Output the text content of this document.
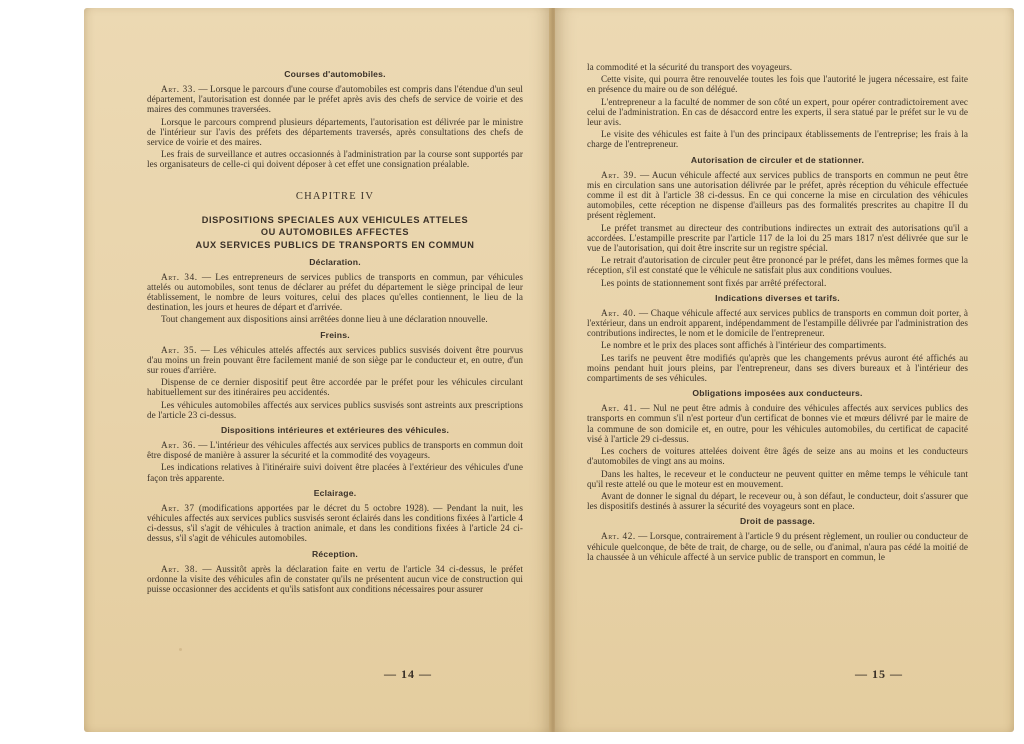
Courses d'automobiles.

Art. 33. — Lorsque le parcours d'une course d'automobiles est compris dans l'étendue d'un seul département, l'autorisation est donnée par le préfet après avis des chefs de service de voirie et des maires des communes traversées.

Lorsque le parcours comprend plusieurs départements, l'autorisation est délivrée par le ministre de l'intérieur sur l'avis des préfets des départements traversés, après consultations des chefs de service de voirie et des maires.

Les frais de surveillance et autres occasionnés à l'administration par la course sont supportés par les organisateurs de celle-ci qui doivent déposer à cet effet une consignation préalable.

CHAPITRE IV
DISPOSITIONS SPECIALES AUX VEHICULES ATTELES
OU AUTOMOBILES AFFECTES
AUX SERVICES PUBLICS DE TRANSPORTS EN COMMUN
Déclaration.

Art. 34. — Les entrepreneurs de services publics de transports en commun, par véhicules attelés ou automobiles, sont tenus de déclarer au préfet du département le siège principal de leur établissement, le nombre de leurs voitures, celui des places qu'elles contiennent, le lieu de la destination, les jours et heures de départ et d'arrivée.

Tout changement aux dispositions ainsi arrêtées donne lieu à une déclaration nnouvelle.

Freins.

Art. 35. — Les véhicules attelés affectés aux services publics susvisés doivent être pourvus d'au moins un frein pouvant être facilement manié de son siège par le conducteur et, en outre, d'un sur roues d'arrière.

Dispense de ce dernier dispositif peut être accordée par le préfet pour les véhicules circulant habituellement sur des itinéraires peu accidentés.

Les véhicules automobiles affectés aux services publics susvisés sont astreints aux prescriptions de l'article 23 ci-dessus.

Dispositions intérieures et extérieures des véhicules.

Art. 36. — L'intérieur des véhicules affectés aux services publics de transports en commun doit être disposé de manière à assurer la sécurité et la commodité des voyageurs.

Les indications relatives à l'itinéraire suivi doivent être placées à l'extérieur des véhicules d'une façon très apparente.

Eclairage.

Art. 37 (modifications apportées par le décret du 5 octobre 1928). — Pendant la nuit, les véhicules affectés aux services publics susvisés seront éclairés dans les conditions fixées à l'article 4 ci-dessus, s'il s'agit de véhicules à traction animale, et dans les conditions fixées à l'article 24 ci-dessus, s'il s'agit de véhicules automobiles.

Réception.

Art. 38. — Aussitôt après la déclaration faite en vertu de l'article 34 ci-dessus, le préfet ordonne la visite des véhicules afin de constater qu'ils ne présentent aucun vice de construction qui puisse occasionner des accidents et qu'ils satisfont aux conditions nécessaires pour assurer

— 14 —

la commodité et la sécurité du transport des voyageurs.

Cette visite, qui pourra être renouvelée toutes les fois que l'autorité le jugera nécessaire, est faite en présence du maire ou de son délégué.

L'entrepreneur a la faculté de nommer de son côté un expert, pour opérer contradictoirement avec celui de l'administration. En cas de désaccord entre les experts, il sera statué par le préfet sur le vu de leur avis.

Le visite des véhicules est faite à l'un des principaux établissements de l'entreprise; les frais à la charge de l'entrepreneur.

Autorisation de circuler et de stationner.

Art. 39. — Aucun véhicule affecté aux services publics de transports en commun ne peut être mis en circulation sans une autorisation délivrée par le préfet, après réception du véhicule effectuée comme il est dit à l'article 38 ci-dessus. En ce qui concerne la mise en circulation des véhicules automobiles, cette réception ne dispense d'ailleurs pas des formalités prescrites au chapitre II du présent règlement.

Le préfet transmet au directeur des contributions indirectes un extrait des autorisations qu'il a accordées. L'estampille prescrite par l'article 117 de la loi du 25 mars 1817 n'est délivrée que sur le vue de l'autorisation, qui doit être inscrite sur un registre spécial.

Le retrait d'autorisation de circuler peut être prononcé par le préfet, dans les mêmes formes que la réception, s'il est constaté que le véhicule ne satisfait plus aux conditions voulues.

Les points de stationnement sont fixés par arrêté préfectoral.

Indications diverses et tarifs.

Art. 40. — Chaque véhicule affecté aux services publics de transports en commun doit porter, à l'extérieur, dans un endroit apparent, indépendamment de l'estampille délivrée par l'administration des contributions indirectes, le nom et le domicile de l'entrepreneur.

Le nombre et le prix des places sont affichés à l'intérieur des compartiments.

Les tarifs ne peuvent être modifiés qu'après que les changements prévus auront été affichés au moins pendant huit jours pleins, par l'entrepreneur, dans ses divers bureaux et à l'intérieur des compartiments de ses véhicules.

Obligations imposées aux conducteurs.

Art. 41. — Nul ne peut être admis à conduire des véhicules affectés aux services publics des transports en commun s'il n'est porteur d'un certificat de bonnes vie et mœurs délivré par le maire de la commune de son domicile et, en outre, pour les véhicules automobiles, du certificat de capacité visé à l'article 29 ci-dessus.

Les cochers de voitures attelées doivent être âgés de seize ans au moins et les conducteurs d'automobiles de vingt ans au moins.

Dans les haltes, le receveur et le conducteur ne peuvent quitter en même temps le véhicule tant qu'il reste attelé ou que le moteur est en mouvement.

Avant de donner le signal du départ, le receveur ou, à son défaut, le conducteur, doit s'assurer que les dispositifs destinés à assurer la sécurité des voyageurs sont en place.

Droit de passage.

Art. 42. — Lorsque, contrairement à l'article 9 du présent règlement, un roulier ou conducteur de véhicule quelconque, de bête de trait, de charge, ou de selle, ou d'animal, n'aura pas cédé la moitié de la chaussée à un véhicule affecté à un service public de transport en commun, le

— 15 —
